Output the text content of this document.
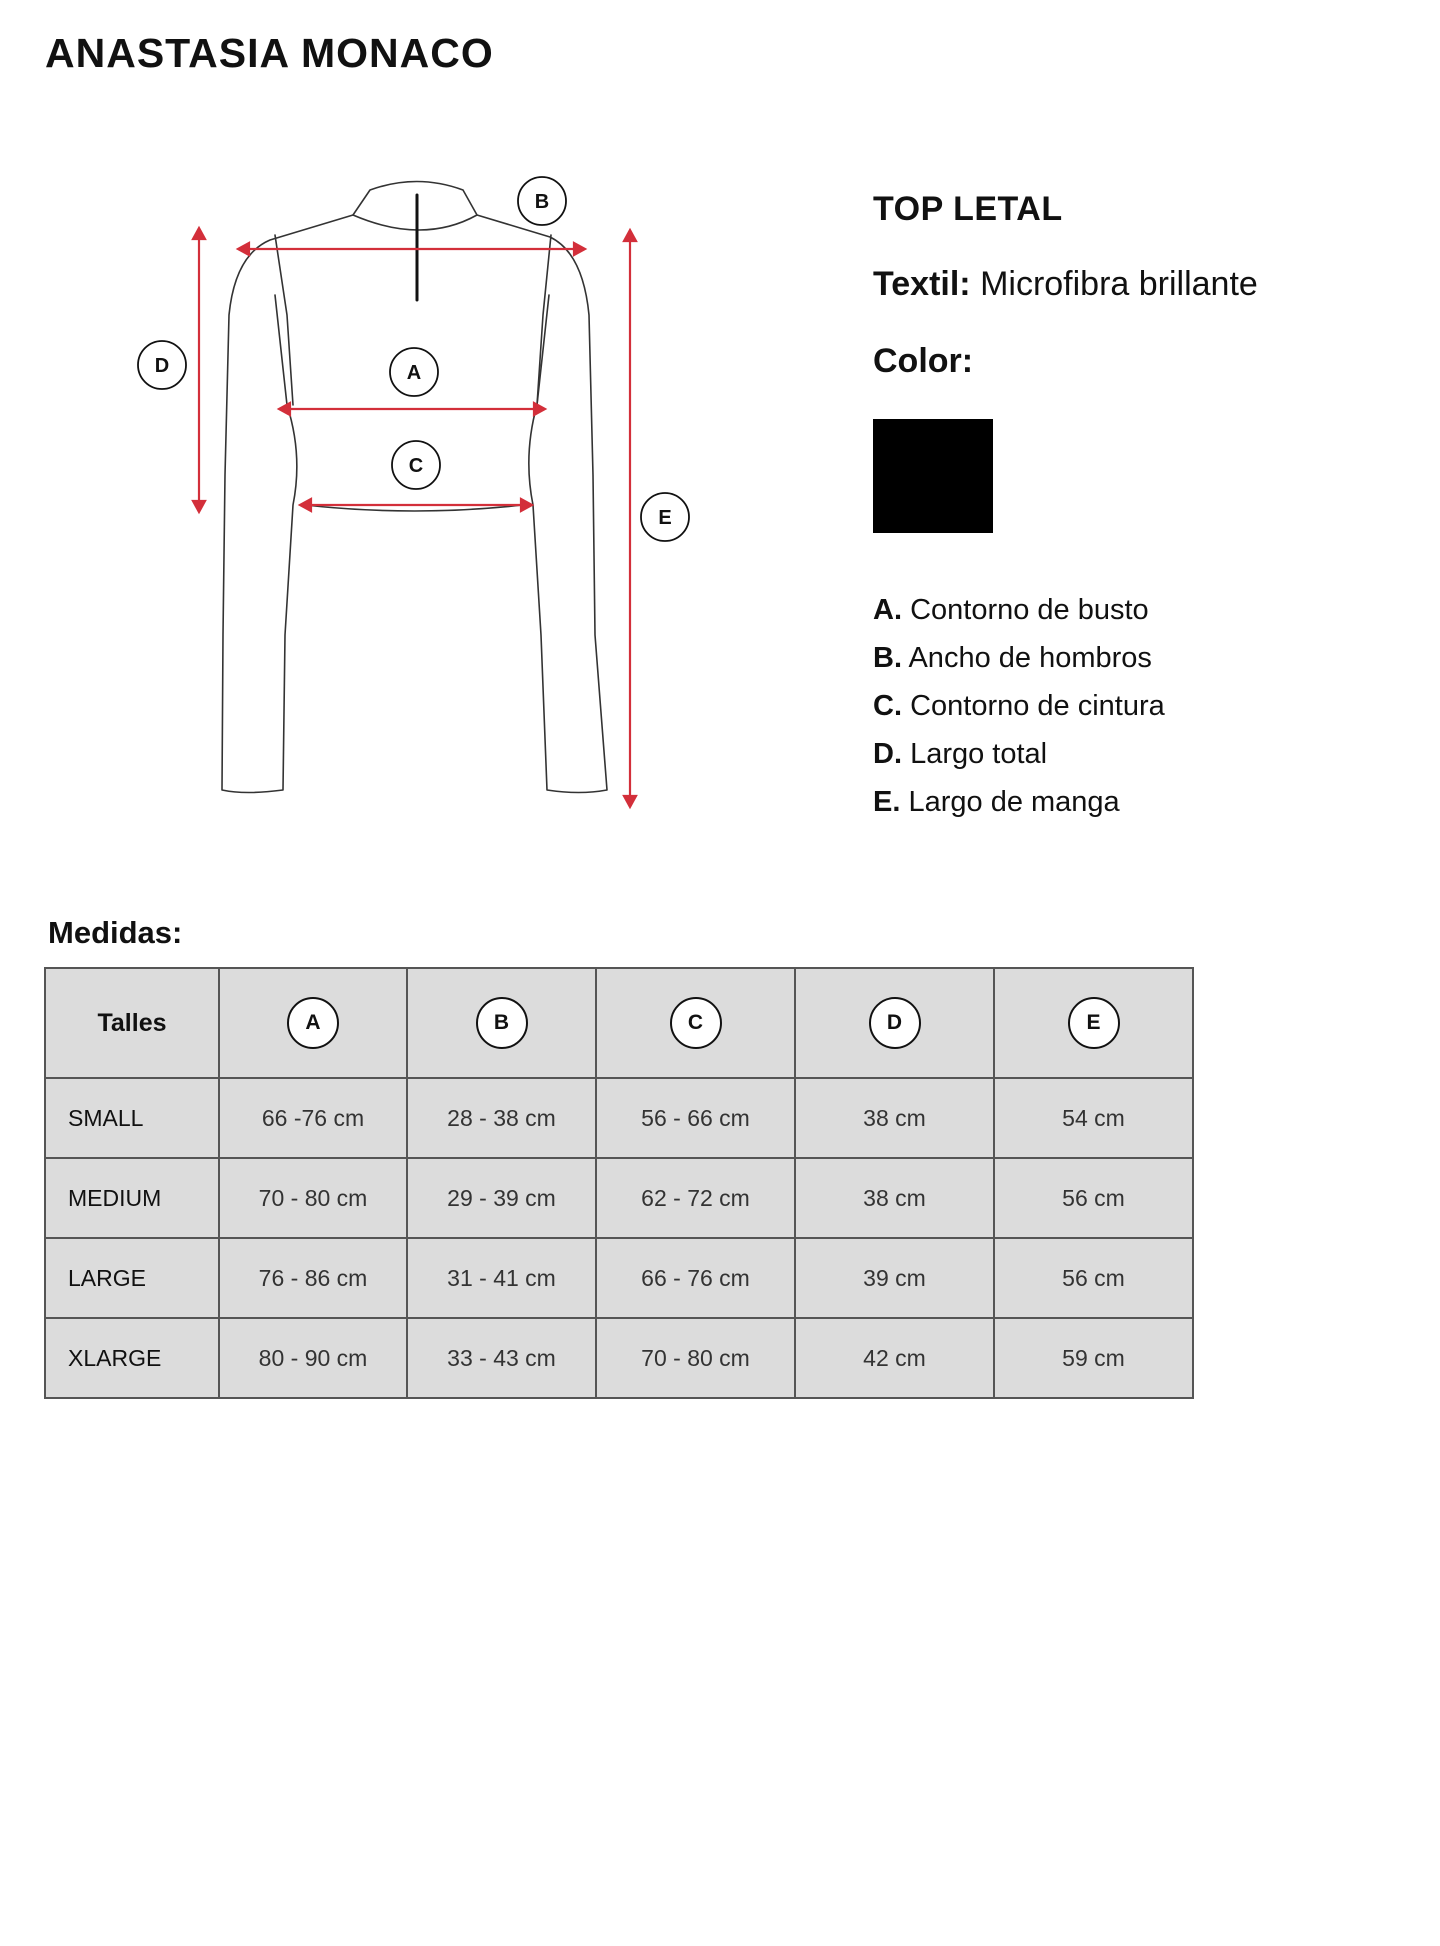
ANASTASIA MONACO
B
D	A
C
E
TOP LETAL
Textil: Microfibra brillante
Color:
A. Contorno de busto
B. Ancho de hombros
C. Contorno de cintura
D. Largo total
E. Largo de manga
Medidas:
Talles	A	B	C	D	E
SMALL	66 -76 cm	28 - 38 cm	56 - 66 cm	38 cm	54 cm
MEDIUM	70 - 80 cm	29 - 39 cm	62 - 72 cm	38 cm	56 cm
LARGE	76 - 86 cm	31 - 41 cm	66 - 76 cm	39 cm	56 cm
XLARGE	80 - 90 cm	33 - 43 cm	70 - 80 cm	42 cm	59 cm
